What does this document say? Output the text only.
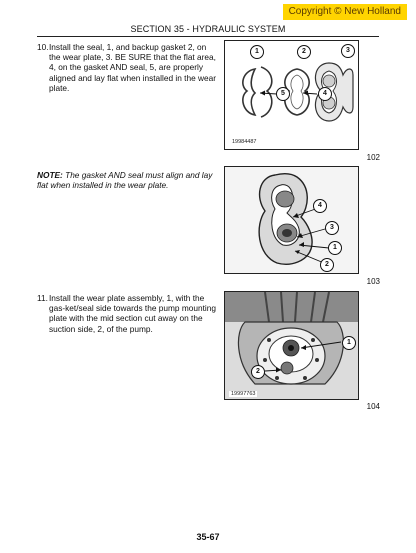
Copyright © New Holland
SECTION 35 - HYDRAULIC SYSTEM
10. Install the seal, 1, and backup gasket 2, on the wear plate, 3. BE SURE that the flat area, 4, on the gasket AND seal, 5, are properly aligned and lay flat when installed in the wear plate.
NOTE: The gasket AND seal must align and lay flat when installed in the wear plate.
11. Install the wear plate assembly, 1, with the gas-ket/seal side towards the pump mounting plate with the mid section cut away on the suction side, 2, of the pump.
1	2	3
5	4
19984487
102
4
3
1
2
103
1
2
19997763
104
35-67
